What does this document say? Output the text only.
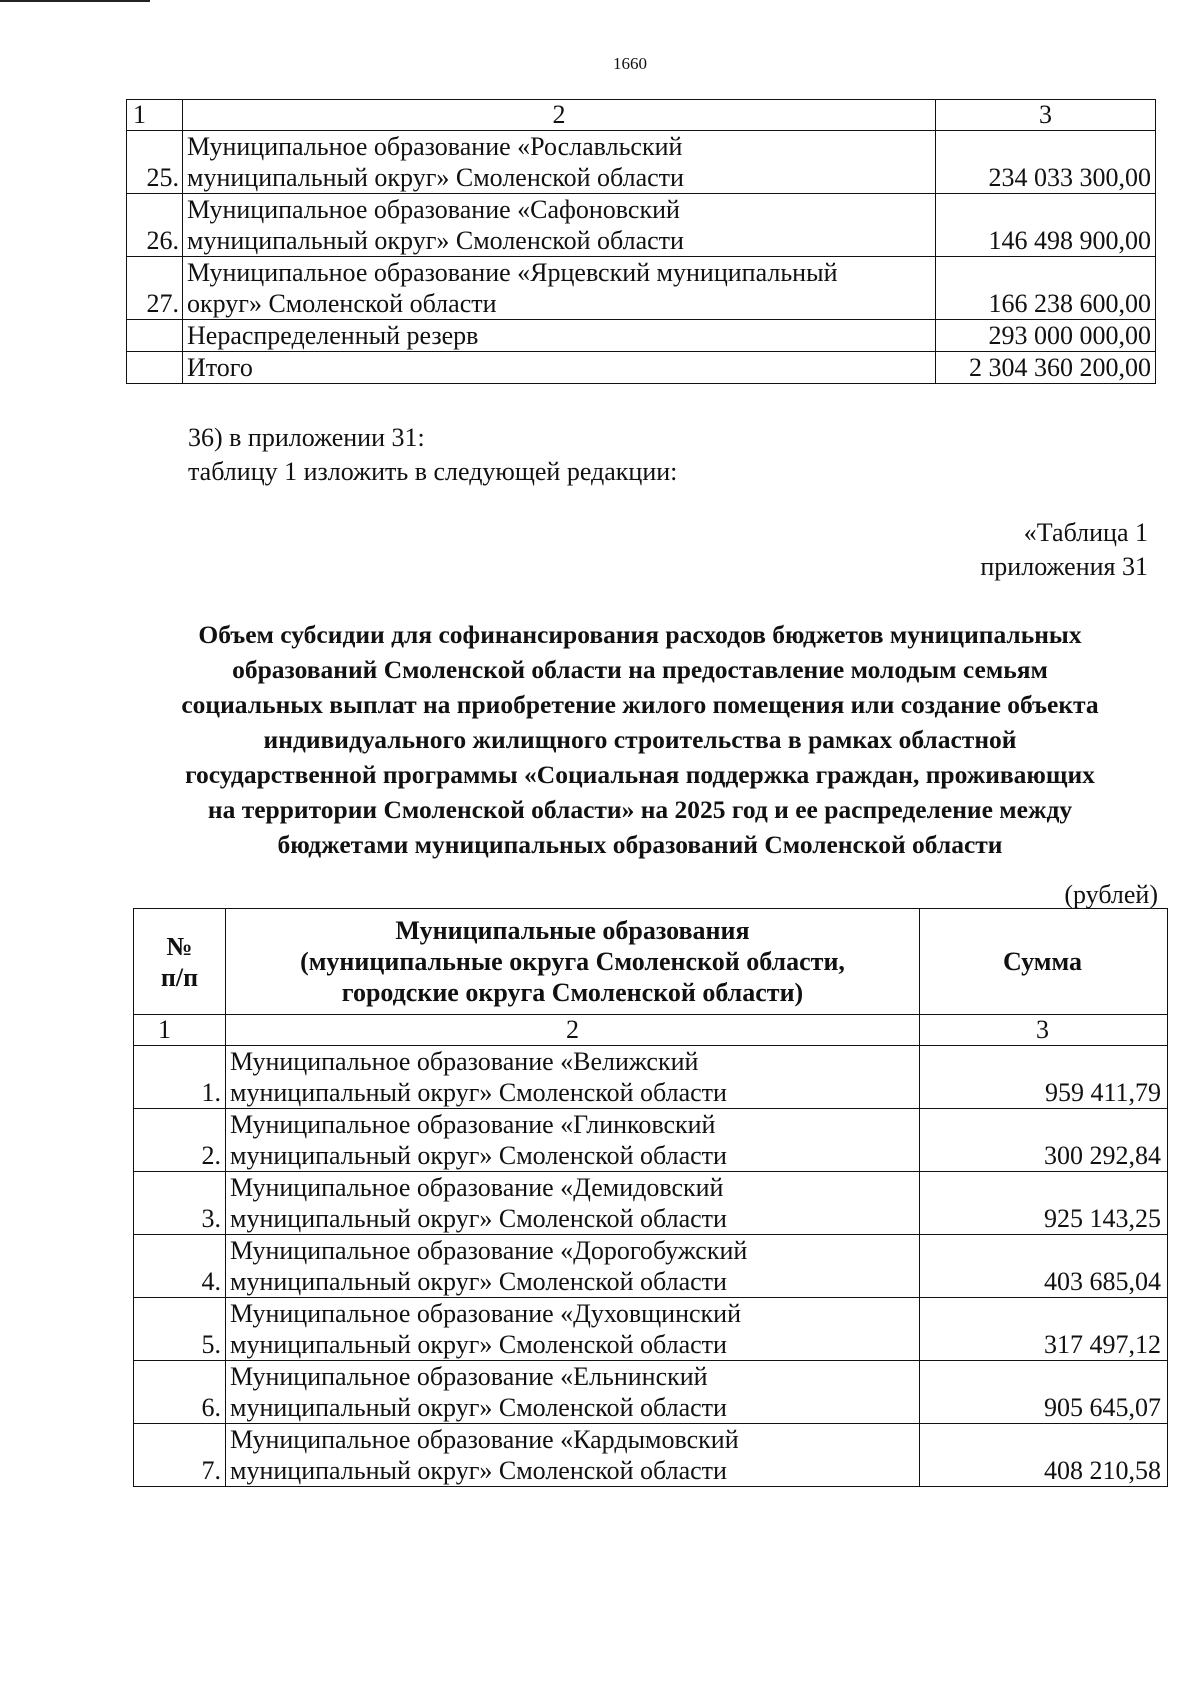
1660
1	2	3
25.	Муниципальное образование «Рославльский
муниципальный округ» Смоленской области	234 033 300,00
26.	Муниципальное образование «Сафоновский
муниципальный округ» Смоленской области	146 498 900,00
27.	Муниципальное образование «Ярцевский муниципальный
округ» Смоленской области	166 238 600,00
	Нераспределенный резерв	293 000 000,00
	Итого	2 304 360 200,00
36) в приложении 31:
таблицу 1 изложить в следующей редакции:
«Таблица 1
приложения 31
Объем субсидии для софинансирования расходов бюджетов муниципальных
образований Смоленской области на предоставление молодым семьям
социальных выплат на приобретение жилого помещения или создание объекта
индивидуального жилищного строительства в рамках областной
государственной программы «Социальная поддержка граждан, проживающих
на территории Смоленской области» на 2025 год и ее распределение между
бюджетами муниципальных образований Смоленской области
(рублей)
№
п/п	Муниципальные образования
(муниципальные округа Смоленской области,
городские округа Смоленской области)	Сумма
1	2	3
1.	Муниципальное образование «Велижский
муниципальный округ» Смоленской области	959 411,79
2.	Муниципальное образование «Глинковский
муниципальный округ» Смоленской области	300 292,84
3.	Муниципальное образование «Демидовский
муниципальный округ» Смоленской области	925 143,25
4.	Муниципальное образование «Дорогобужский
муниципальный округ» Смоленской области	403 685,04
5.	Муниципальное образование «Духовщинский
муниципальный округ» Смоленской области	317 497,12
6.	Муниципальное образование «Ельнинский
муниципальный округ» Смоленской области	905 645,07
7.	Муниципальное образование «Кардымовский
муниципальный округ» Смоленской области	408 210,58
